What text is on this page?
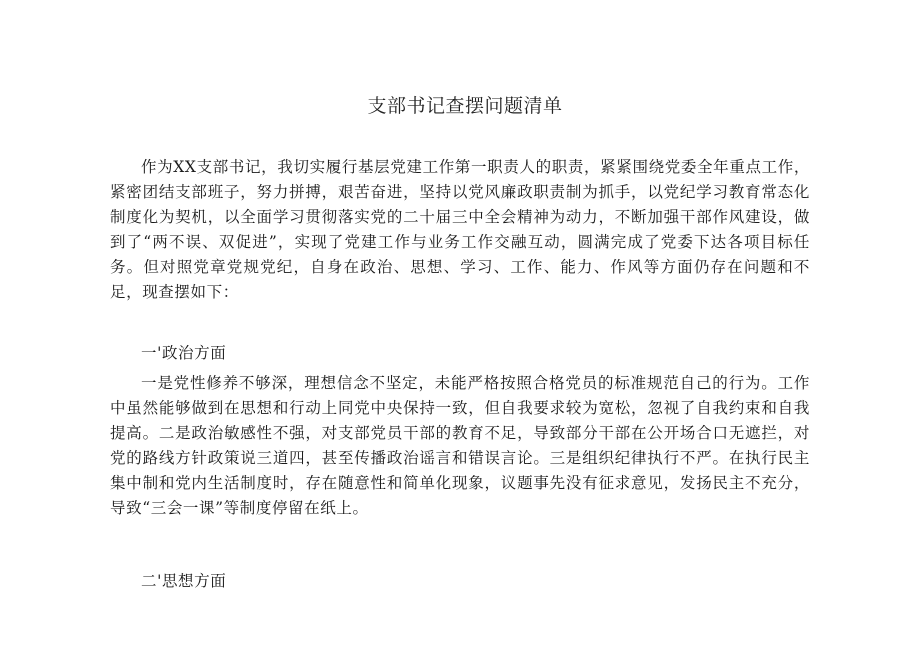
支部书记查摆问题清单

作为XX支部书记，我切实履行基层党建工作第一职责人的职责，紧紧围绕党委全年重点工作，紧密团结支部班子，努力拼搏，艰苦奋进，坚持以党风廉政职责制为抓手，以党纪学习教育常态化制度化为契机，以全面学习贯彻落实党的二十届三中全会精神为动力，不断加强干部作风建设，做到了“两不误、双促进”，实现了党建工作与业务工作交融互动，圆满完成了党委下达各项目标任务。但对照党章党规党纪，自身在政治、思想、学习、工作、能力、作风等方面仍存在问题和不足，现查摆如下：

一'政治方面

一是党性修养不够深，理想信念不坚定，未能严格按照合格党员的标准规范自己的行为。工作中虽然能够做到在思想和行动上同党中央保持一致，但自我要求较为宽松，忽视了自我约束和自我提高。二是政治敏感性不强，对支部党员干部的教育不足，导致部分干部在公开场合口无遮拦，对党的路线方针政策说三道四，甚至传播政治谣言和错误言论。三是组织纪律执行不严。在执行民主集中制和党内生活制度时，存在随意性和简单化现象，议题事先没有征求意见，发扬民主不充分，导致“三会一课”等制度停留在纸上。

二'思想方面
